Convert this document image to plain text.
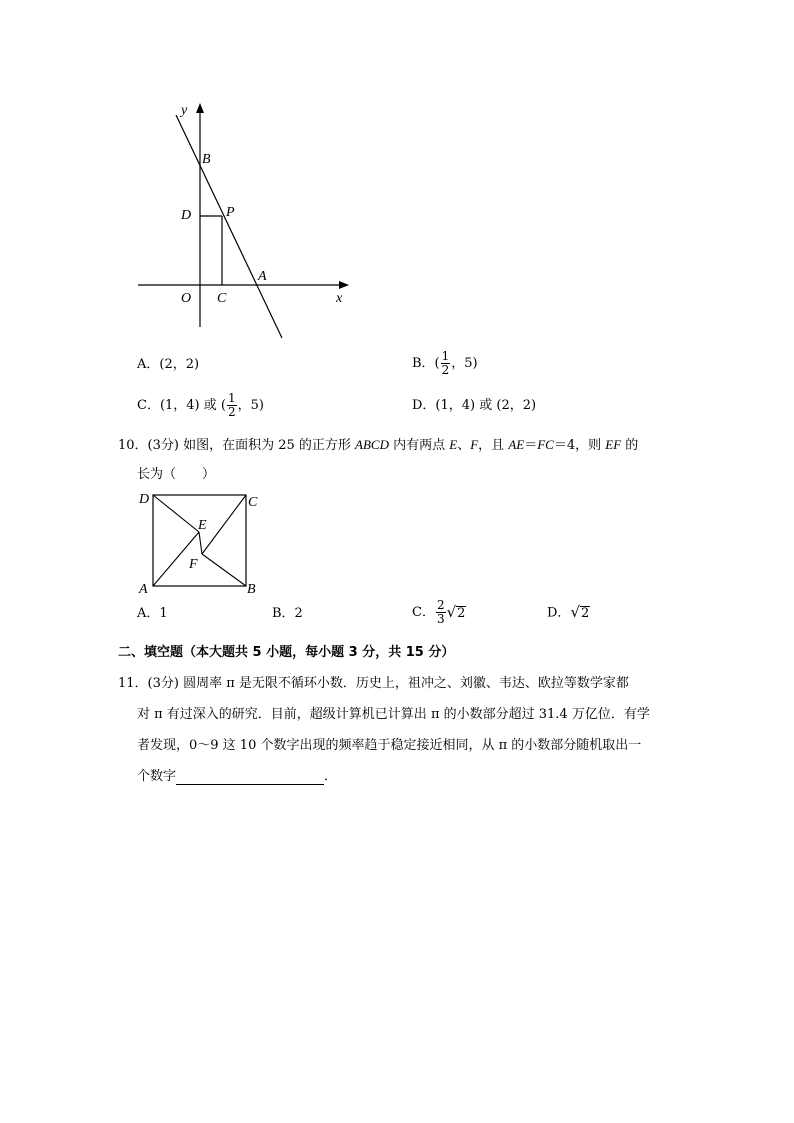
y
B
P
D
A
O C	x
A．(2，2)	B．( $\frac{1}{2}$ ，5)
C．(1，4) 或 ( $\frac{1}{2}$ ，5)	D．(1，4) 或 (2，2)
10．(3分) 如图，在面积为 25 的正方形 ABCD 内有两点 E、F，且 AE＝FC＝4，则 EF 的
长为（　　）
D	C
E
F
A	B
A．1	B．2	C． $\frac{2}{3} √2$	D．√2
二、填空题（本大题共 5 小题，每小题 3 分，共 15 分）
11．(3分) 圆周率 π 是无限不循环小数．历史上，祖冲之、刘徽、韦达、欧拉等数学家都
对 π 有过深入的研究．目前，超级计算机已计算出 π 的小数部分超过 31.4 万亿位．有学
者发现，0～9 这 10 个数字出现的频率趋于稳定接近相同，从 π 的小数部分随机取出一
个数字	．
